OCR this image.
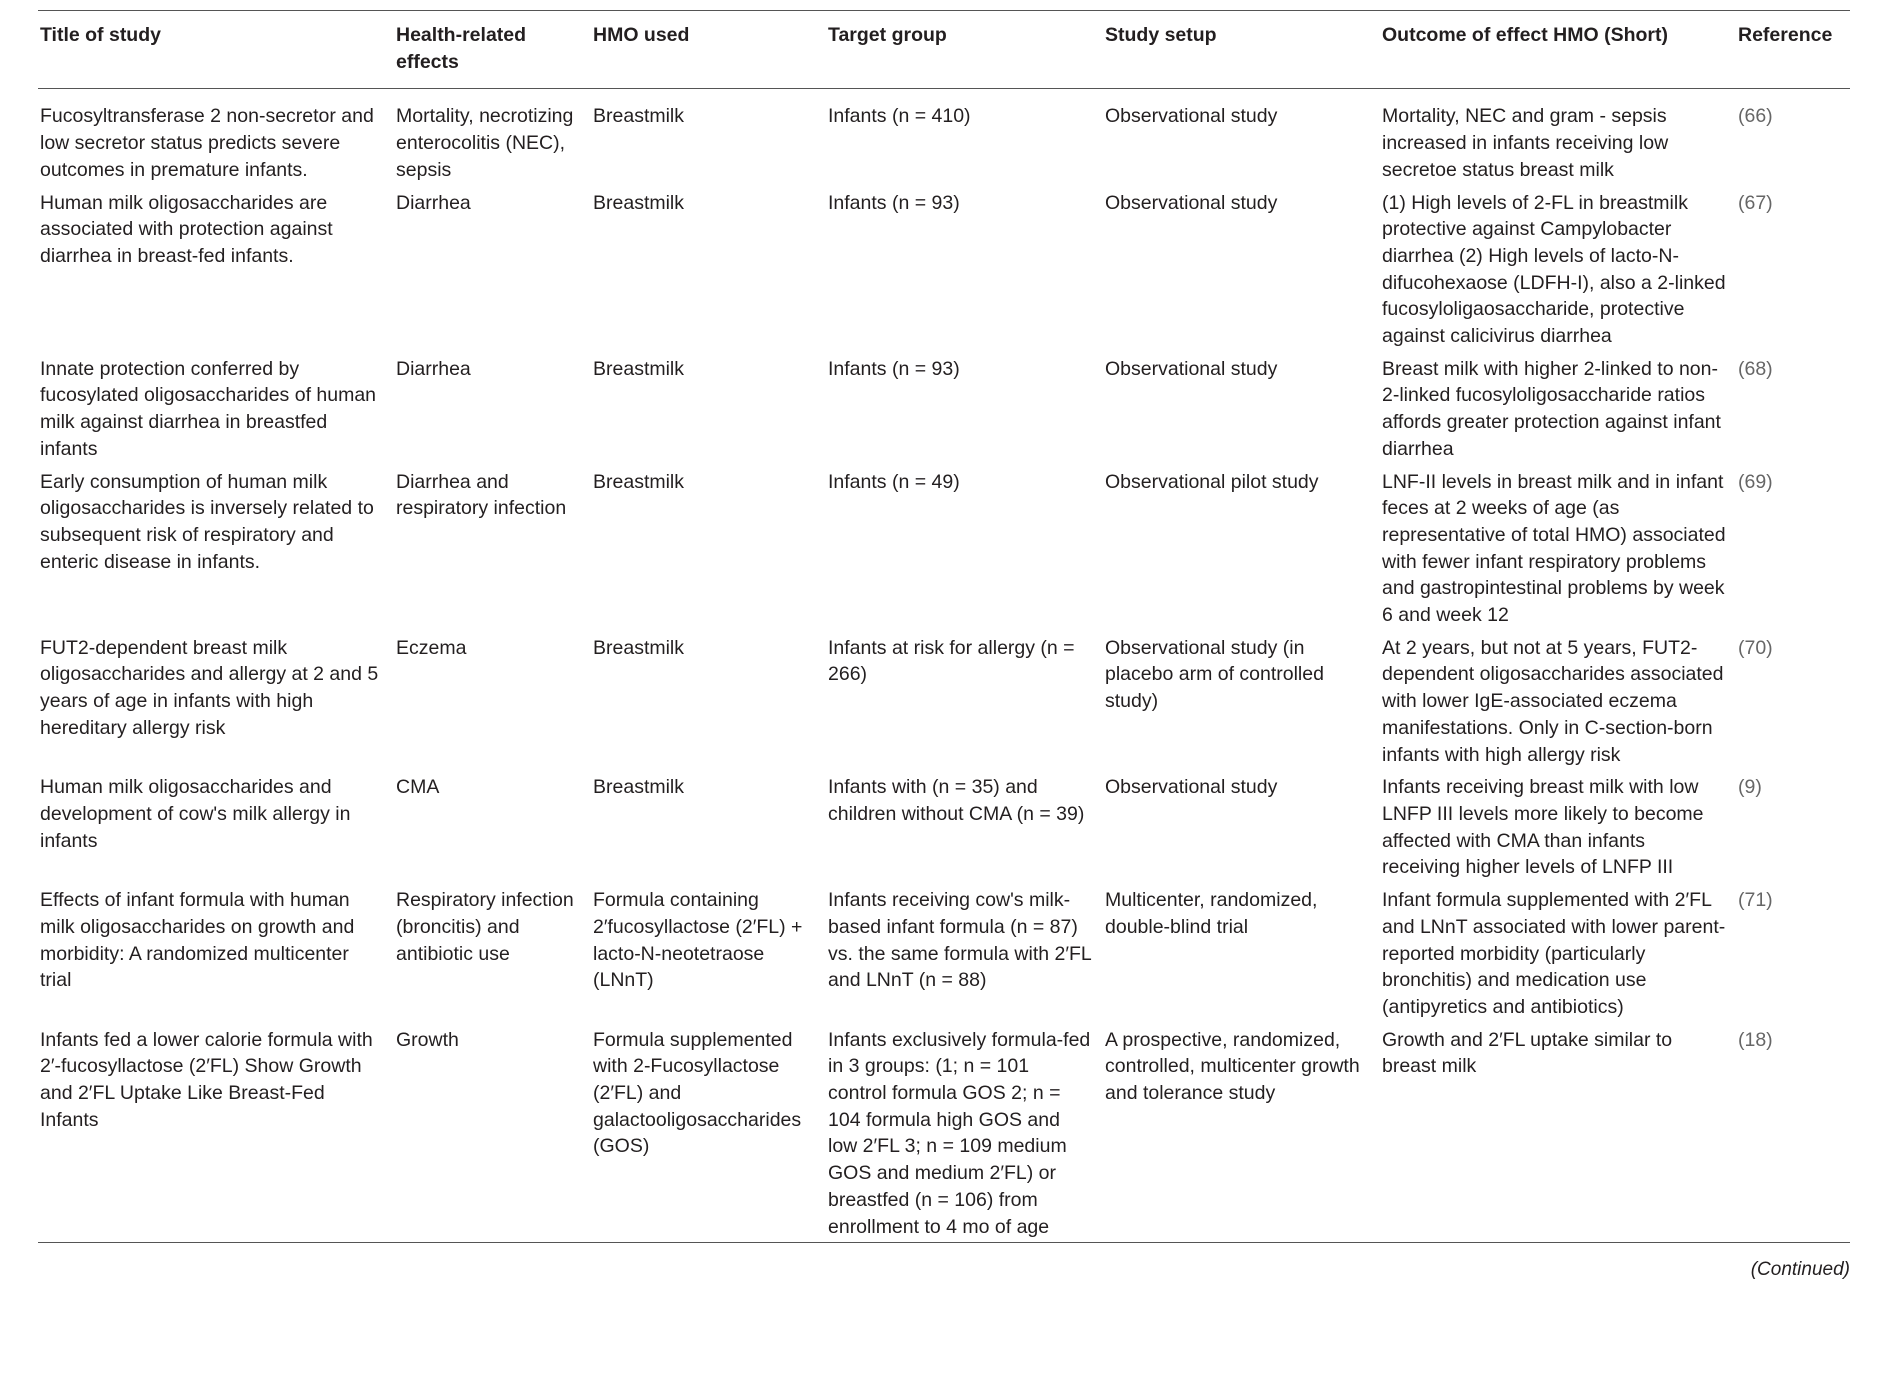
Title of study	Health-related effects	HMO used	Target group	Study setup	Outcome of effect HMO (Short)	Reference
Fucosyltransferase 2 non-secretor and low secretor status predicts severe outcomes in premature infants.	Mortality, necrotizing enterocolitis (NEC), sepsis	Breastmilk	Infants (n = 410)	Observational study	Mortality, NEC and gram - sepsis increased in infants receiving low secretoe status breast milk	(66)
Human milk oligosaccharides are associated with protection against diarrhea in breast-fed infants.	Diarrhea	Breastmilk	Infants (n = 93)	Observational study	(1) High levels of 2-FL in breastmilk protective against Campylobacter diarrhea (2) High levels of lacto-N-difucohexaose (LDFH-I), also a 2-linked fucosyloligaosaccharide, protective against calicivirus diarrhea	(67)
Innate protection conferred by fucosylated oligosaccharides of human milk against diarrhea in breastfed infants	Diarrhea	Breastmilk	Infants (n = 93)	Observational study	Breast milk with higher 2-linked to non-2-linked fucosyloligosaccharide ratios affords greater protection against infant diarrhea	(68)
Early consumption of human milk oligosaccharides is inversely related to subsequent risk of respiratory and enteric disease in infants.	Diarrhea and respiratory infection	Breastmilk	Infants (n = 49)	Observational pilot study	LNF-II levels in breast milk and in infant feces at 2 weeks of age (as representative of total HMO) associated with fewer infant respiratory problems and gastropintestinal problems by week 6 and week 12	(69)
FUT2-dependent breast milk oligosaccharides and allergy at 2 and 5 years of age in infants with high hereditary allergy risk	Eczema	Breastmilk	Infants at risk for allergy (n = 266)	Observational study (in placebo arm of controlled study)	At 2 years, but not at 5 years, FUT2-dependent oligosaccharides associated with lower IgE-associated eczema manifestations. Only in C-section-born infants with high allergy risk	(70)
Human milk oligosaccharides and development of cow's milk allergy in infants	CMA	Breastmilk	Infants with (n = 35) and children without CMA (n = 39)	Observational study	Infants receiving breast milk with low LNFP III levels more likely to become affected with CMA than infants receiving higher levels of LNFP III	(9)
Effects of infant formula with human milk oligosaccharides on growth and morbidity: A randomized multicenter trial	Respiratory infection (broncitis) and antibiotic use	Formula containing 2′fucosyllactose (2′FL) + lacto-N-neotetraose (LNnT)	Infants receiving cow's milk-based infant formula (n = 87) vs. the same formula with 2′FL and LNnT (n = 88)	Multicenter, randomized, double-blind trial	Infant formula supplemented with 2′FL and LNnT associated with lower parent-reported morbidity (particularly bronchitis) and medication use (antipyretics and antibiotics)	(71)
Infants fed a lower calorie formula with 2′-fucosyllactose (2′FL) Show Growth and 2′FL Uptake Like Breast-Fed Infants	Growth	Formula supplemented with 2-Fucosyllactose (2′FL) and galactooligosaccharides (GOS)	Infants exclusively formula-fed in 3 groups: (1; n = 101 control formula GOS 2; n = 104 formula high GOS and low 2′FL 3; n = 109 medium GOS and medium 2′FL) or breastfed (n = 106) from enrollment to 4 mo of age	A prospective, randomized, controlled, multicenter growth and tolerance study	Growth and 2′FL uptake similar to breast milk	(18)
(Continued)
